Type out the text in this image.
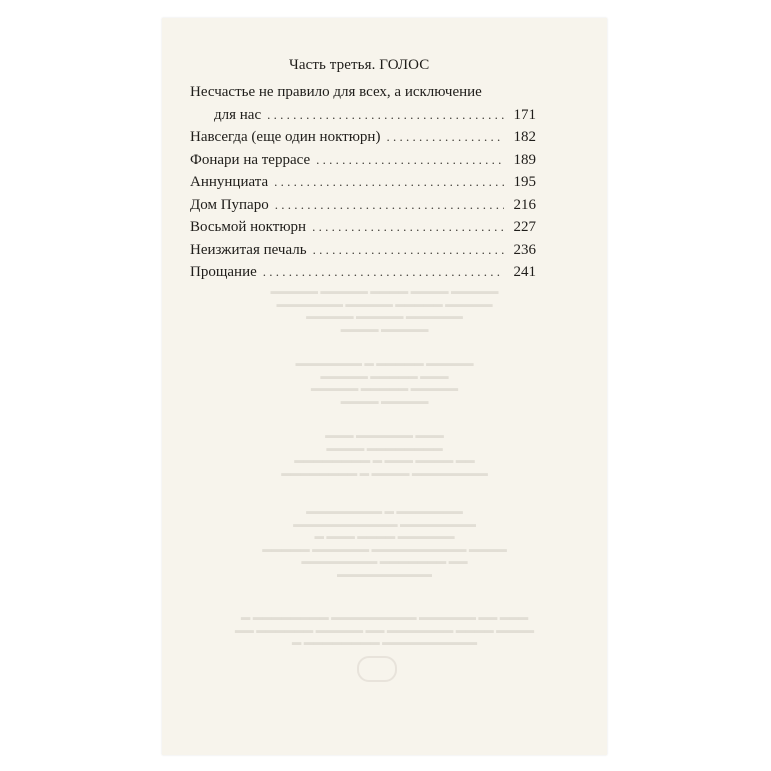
▬▬▬▬▬ ▬▬▬▬▬ ▬▬▬▬ ▬▬▬▬ ▬▬▬▬▬
▬▬▬▬▬▬▬ ▬▬▬▬▬ ▬▬▬▬▬ ▬▬▬▬▬
▬▬▬▬▬ ▬▬▬▬▬ ▬▬▬▬▬▬
▬▬▬▬ ▬▬▬▬▬
▬▬▬▬▬▬▬ ▬ ▬▬▬▬▬ ▬▬▬▬▬
▬▬▬▬▬ ▬▬▬▬▬ ▬▬▬
▬▬▬▬▬ ▬▬▬▬▬ ▬▬▬▬▬
▬▬▬▬ ▬▬▬▬▬
▬▬▬ ▬▬▬▬▬▬ ▬▬▬
▬▬▬▬ ▬▬▬▬▬▬▬▬
▬▬▬▬▬▬▬▬ ▬ ▬▬▬ ▬▬▬▬ ▬▬
▬▬▬▬▬▬▬▬ ▬ ▬▬▬▬ ▬▬▬▬▬▬▬▬
▬▬▬▬▬▬▬▬ ▬ ▬▬▬▬▬▬▬
▬▬▬▬▬▬▬▬▬▬▬ ▬▬▬▬▬▬▬▬
▬ ▬▬▬ ▬▬▬▬ ▬▬▬▬▬▬
▬▬▬▬▬ ▬▬▬▬▬▬ ▬▬▬▬▬▬▬▬▬▬ ▬▬▬▬
▬▬▬▬▬▬▬▬ ▬▬▬▬▬▬▬ ▬▬
▬▬▬▬▬▬▬▬▬▬
▬ ▬▬▬▬▬▬▬▬ ▬▬▬▬▬▬▬▬▬ ▬▬▬▬▬▬ ▬▬ ▬▬▬
▬▬ ▬▬▬▬▬▬ ▬▬▬▬▬ ▬▬ ▬▬▬▬▬▬▬ ▬▬▬▬ ▬▬▬▬
▬ ▬▬▬▬▬▬▬▬ ▬▬▬▬▬▬▬▬▬▬
Часть третья. ГОЛОС
Несчастье не правило для всех, а исключение
для нас . . .	171
Навсегда (еще один ноктюрн) . . .	182
Фонари на террасе . . .	189
Аннунциата . . .	195
Дом Пупаро . . .	216
Восьмой ноктюрн . . .	227
Неизжитая печаль . . .	236
Прощание . . .	241
